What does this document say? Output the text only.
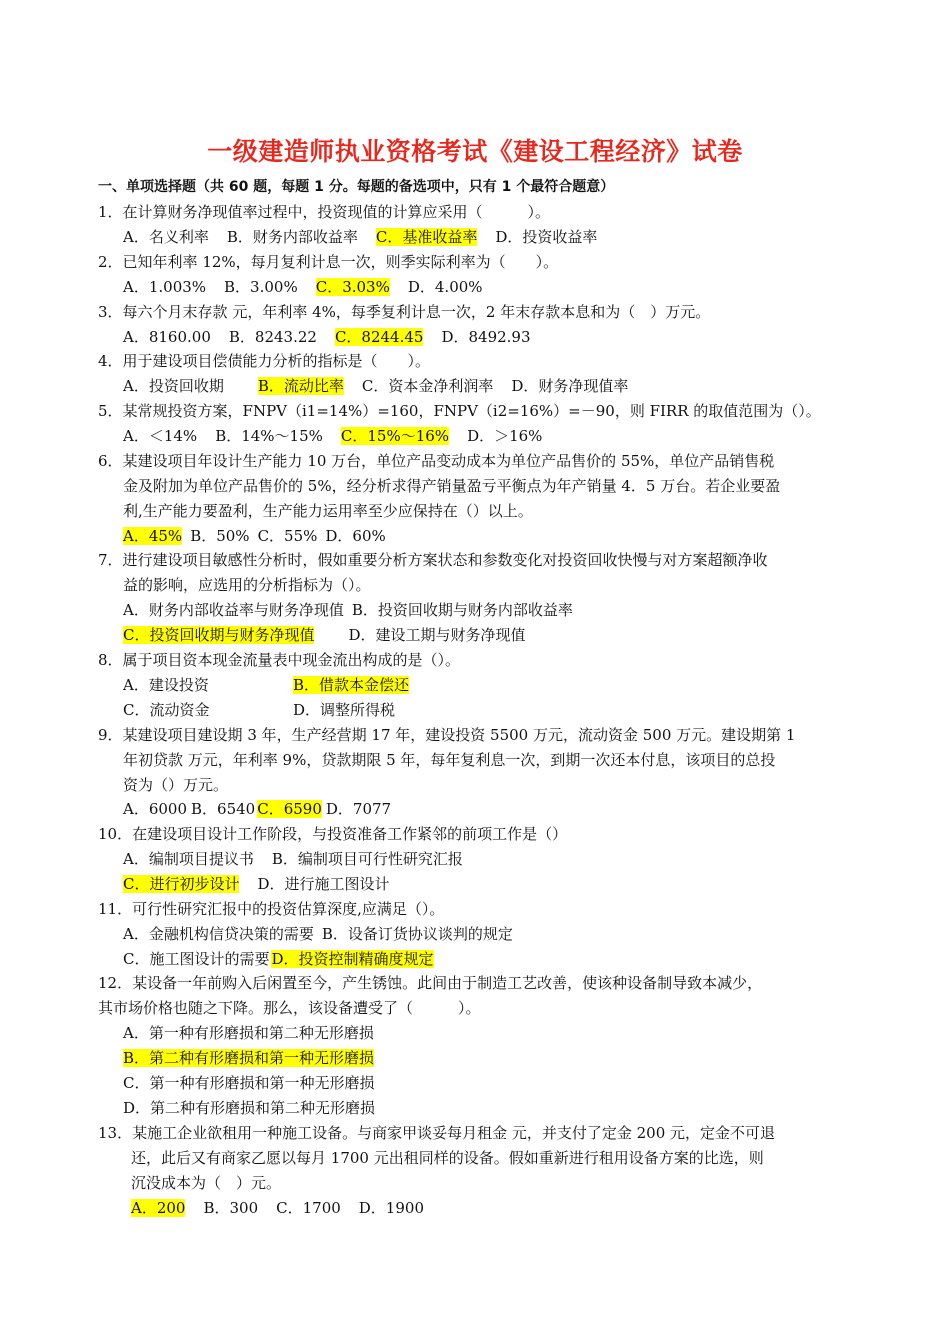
一级建造师执业资格考试《建设工程经济》试卷
一、单项选择题（共 60 题，每题 1 分。每题的备选项中，只有 1 个最符合题意）
1．在计算财务净现值率过程中，投资现值的计算应采用（　　　）。
A．名义利率 B．财务内部收益率 C．基准收益率 D．投资收益率
2．已知年利率 12%，每月复利计息一次，则季实际利率为（　　）。
A．1.003% B．3.00% C．3.03% D．4.00%
3．每六个月末存款 元，年利率 4%，每季复利计息一次，2 年末存款本息和为（　）万元。
A．8160.00 B．8243.22 C．8244.45 D．8492.93
4．用于建设项目偿债能力分析的指标是（　　）。
A．投资回收期 B．流动比率 C．资本金净利润率 D．财务净现值率
5．某常规投资方案，FNPV（i1=14%）=160，FNPV（i2=16%）=－90，则 FIRR 的取值范围为（）。
A．＜14% B．14%～15% C．15%～16% D．＞16%
6．某建设项目年设计生产能力 10 万台，单位产品变动成本为单位产品售价的 55%，单位产品销售税
金及附加为单位产品售价的 5%，经分析求得产销量盈亏平衡点为年产销量 4．5 万台。若企业要盈
利,生产能力要盈利，生产能力运用率至少应保持在（）以上。
A．45% B．50% C．55% D．60%
7．进行建设项目敏感性分析时，假如重要分析方案状态和参数变化对投资回收快慢与对方案超额净收
益的影响，应选用的分析指标为（）。
A．财务内部收益率与财务净现值 B．投资回收期与财务内部收益率
C．投资回收期与财务净现值 D．建设工期与财务净现值
8．属于项目资本现金流量表中现金流出构成的是（）。
A．建设投资	B．借款本金偿还
C．流动资金	D．调整所得税
9．某建设项目建设期 3 年，生产经营期 17 年，建设投资 5500 万元，流动资金 500 万元。建设期第 1
年初贷款 万元，年利率 9%，贷款期限 5 年，每年复利息一次，到期一次还本付息，该项目的总投
资为（）万元。
A．6000 B．6540 C．6590 D．7077
10．在建设项目设计工作阶段，与投资准备工作紧邻的前项工作是（）
A．编制项目提议书 B．编制项目可行性研究汇报
C．进行初步设计 D．进行施工图设计
11．可行性研究汇报中的投资估算深度,应满足（）。
A．金融机构信贷决策的需要 B．设备订货协议谈判的规定
C．施工图设计的需要 D．投资控制精确度规定
12．某设备一年前购入后闲置至今，产生锈蚀。此间由于制造工艺改善，使该种设备制导致本减少，
其市场价格也随之下降。那么，该设备遭受了（　　　）。
A．第一种有形磨损和第二种无形磨损
B．第二种有形磨损和第一种无形磨损
C．第一种有形磨损和第一种无形磨损
D．第二种有形磨损和第二种无形磨损
13．某施工企业欲租用一种施工设备。与商家甲谈妥每月租金 元，并支付了定金 200 元，定金不可退
还，此后又有商家乙愿以每月 1700 元出租同样的设备。假如重新进行租用设备方案的比选，则
沉没成本为（　）元。
A．200 B．300 C．1700 D．1900
